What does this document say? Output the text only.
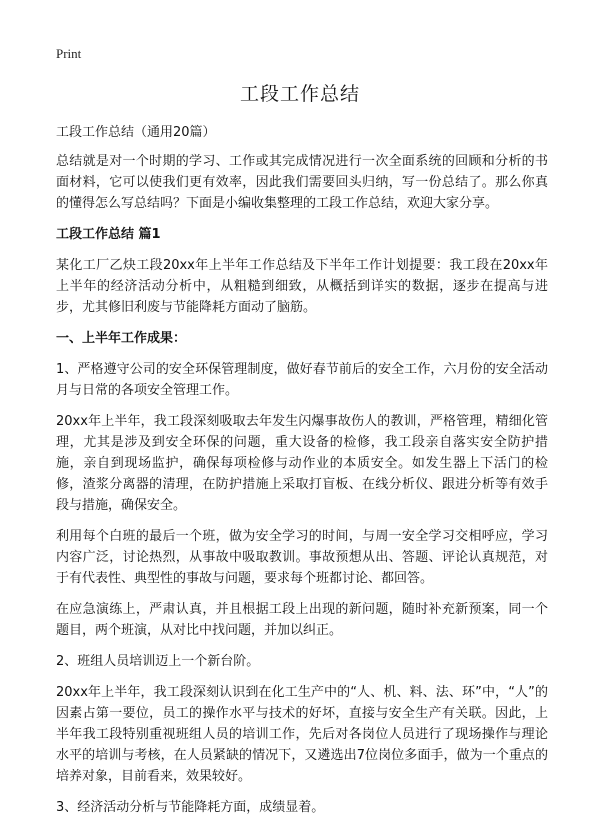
Print
工段工作总结

工段工作总结（通用20篇）

总结就是对一个时期的学习、工作或其完成情况进行一次全面系统的回顾和分析的书面材料，它可以使我们更有效率，因此我们需要回头归纳，写一份总结了。那么你真的懂得怎么写总结吗？下面是小编收集整理的工段工作总结，欢迎大家分享。

工段工作总结 篇1

某化工厂乙炔工段20xx年上半年工作总结及下半年工作计划提要：我工段在20xx年上半年的经济活动分析中，从粗糙到细致，从概括到详实的数据，逐步在提高与进步，尤其修旧利废与节能降耗方面动了脑筋。

一、上半年工作成果：

1、严格遵守公司的安全环保管理制度，做好春节前后的安全工作，六月份的安全活动月与日常的各项安全管理工作。

20xx年上半年，我工段深刻吸取去年发生闪爆事故伤人的教训，严格管理，精细化管理，尤其是涉及到安全环保的问题，重大设备的检修，我工段亲自落实安全防护措施，亲自到现场监护，确保每项检修与动作业的本质安全。如发生器上下活门的检修，渣浆分离器的清理，在防护措施上采取打盲板、在线分析仪、跟进分析等有效手段与措施，确保安全。

利用每个白班的最后一个班，做为安全学习的时间，与周一安全学习交相呼应，学习内容广泛，讨论热烈，从事故中吸取教训。事故预想从出、答题、评论认真规范，对于有代表性、典型性的事故与问题，要求每个班都讨论、都回答。

在应急演练上，严肃认真，并且根据工段上出现的新问题，随时补充新预案，同一个题目，两个班演，从对比中找问题，并加以纠正。

2、班组人员培训迈上一个新台阶。

20xx年上半年，我工段深刻认识到在化工生产中的“人、机、料、法、环”中，“人”的因素占第一要位，员工的操作水平与技术的好坏，直接与安全生产有关联。因此，上半年我工段特别重视班组人员的培训工作，先后对各岗位人员进行了现场操作与理论水平的培训与考核，在人员紧缺的情况下，又遴选出7位岗位多面手，做为一个重点的培养对象，目前看来，效果较好。

3、经济活动分析与节能降耗方面，成绩显着。
